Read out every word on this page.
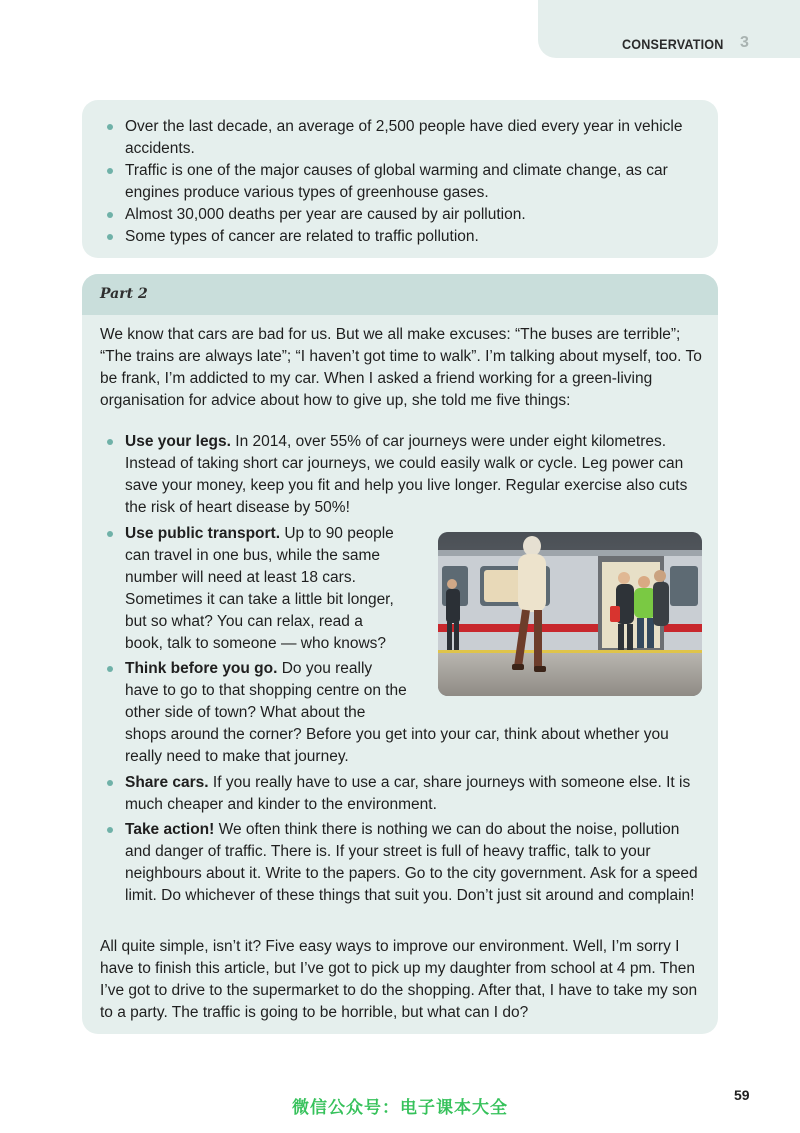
CONSERVATION 3
Over the last decade, an average of 2,500 people have died every year in vehicle accidents.
Traffic is one of the major causes of global warming and climate change, as car engines produce various types of greenhouse gases.
Almost 30,000 deaths per year are caused by air pollution.
Some types of cancer are related to traffic pollution.
Part 2

We know that cars are bad for us. But we all make excuses: “The buses are terrible”; “The trains are always late”; “I haven’t got time to walk”. I’m talking about myself, too. To be frank, I’m addicted to my car. When I asked a friend working for a green-living organisation for advice about how to give up, she told me five things:

Use your legs. In 2014, over 55% of car journeys were under eight kilometres. Instead of taking short car journeys, we could easily walk or cycle. Leg power can save your money, keep you fit and help you live longer. Regular exercise also cuts the risk of heart disease by 50%!
Use public transport. Up to 90 people can travel in one bus, while the same number will need at least 18 cars. Sometimes it can take a little bit longer, but so what? You can relax, read a book, talk to someone — who knows?
Think before you go. Do you really have to go to that shopping centre on the other side of town? What about the shops around the corner? Before you get into your car, think about whether you really need to make that journey.
Share cars. If you really have to use a car, share journeys with someone else. It is much cheaper and kinder to the environment.
Take action! We often think there is nothing we can do about the noise, pollution and danger of traffic. There is. If your street is full of heavy traffic, talk to your neighbours about it. Write to the papers. Go to the city government. Ask for a speed limit. Do whichever of these things that suit you. Don’t just sit around and complain!

All quite simple, isn’t it? Five easy ways to improve our environment. Well, I’m sorry I have to finish this article, but I’ve got to pick up my daughter from school at 4 pm. Then I’ve got to drive to the supermarket to do the shopping. After that, I have to take my son to a party. The traffic is going to be horrible, but what can I do?

微信公众号：电子课本大全
59
